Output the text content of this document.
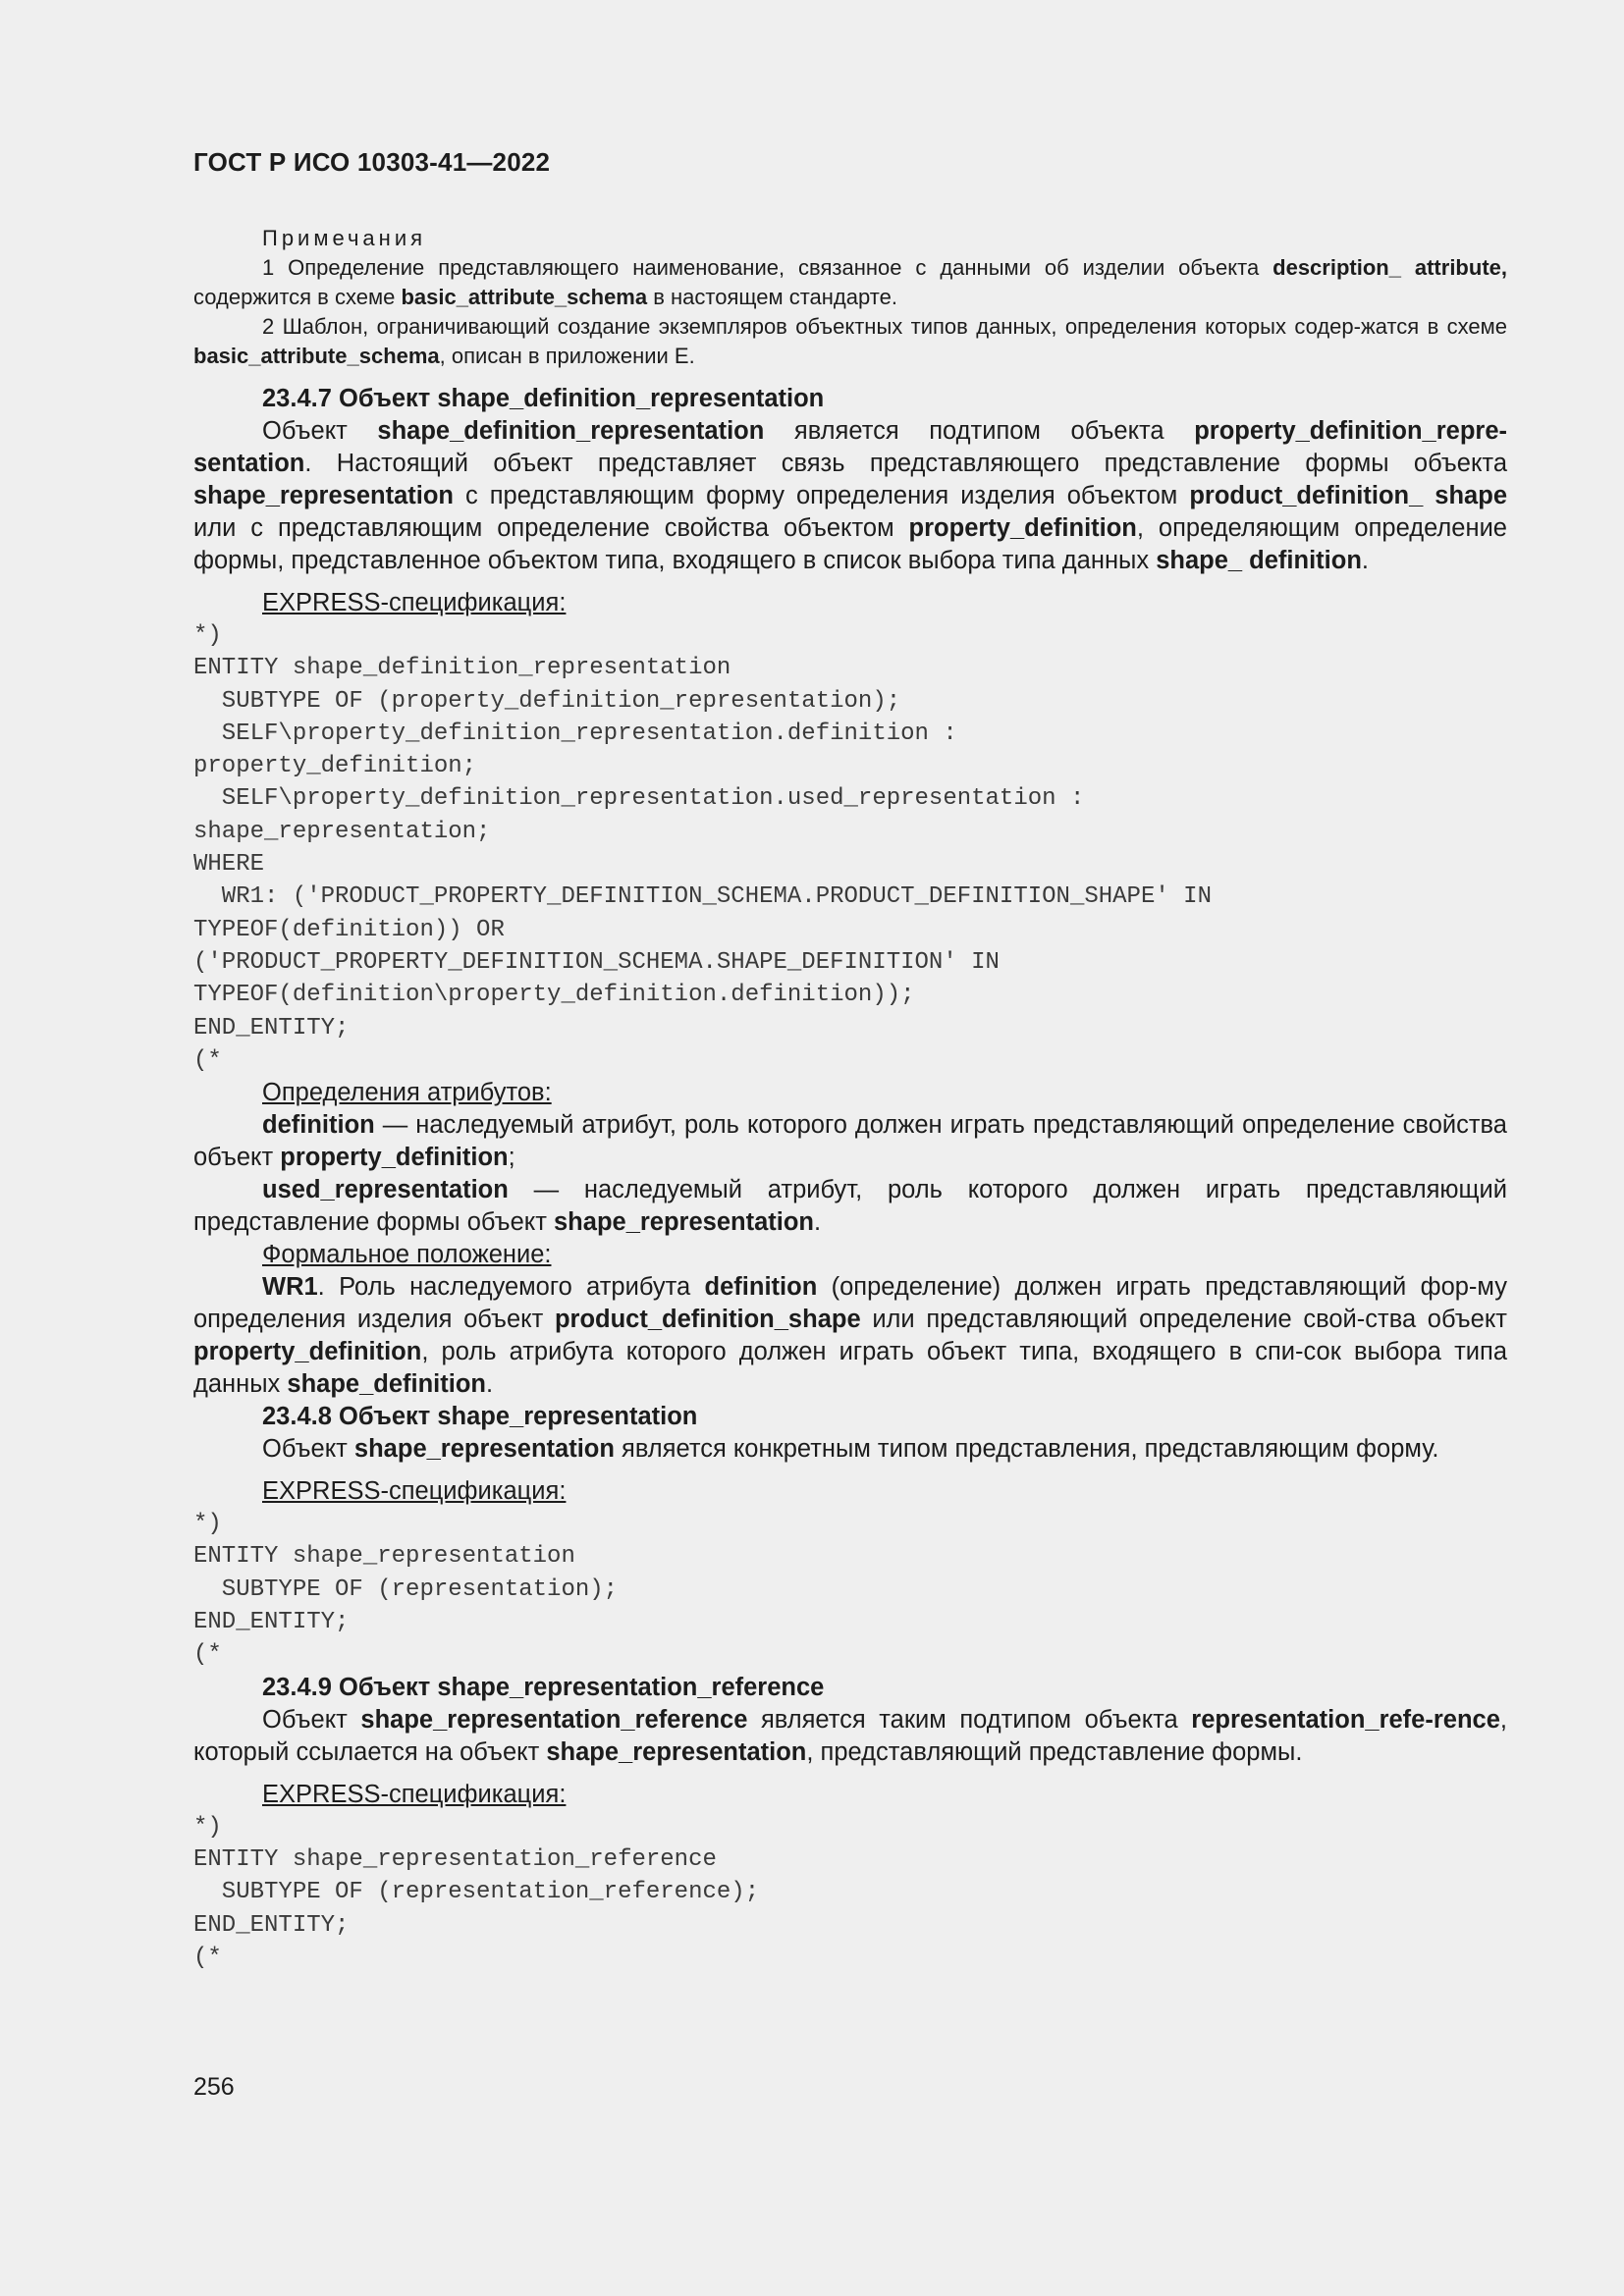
ГОСТ Р ИСО 10303-41—2022

Примечания

1 Определение представляющего наименование, связанное с данными об изделии объекта description_ attribute, содержится в схеме basic_attribute_schema в настоящем стандарте.

2 Шаблон, ограничивающий создание экземпляров объектных типов данных, определения которых содер-жатся в схеме basic_attribute_schema, описан в приложении Е.

23.4.7 Объект shape_definition_representation

Объект shape_definition_representation является подтипом объекта property_definition_repre-sentation. Настоящий объект представляет связь представляющего представление формы объекта shape_representation с представляющим форму определения изделия объектом product_definition_ shape или с представляющим определение свойства объектом property_definition, определяющим определение формы, представленное объектом типа, входящего в список выбора типа данных shape_ definition.

EXPRESS-спецификация:

*)
ENTITY shape_definition_representation
SUBTYPE OF (property_definition_representation);
SELF\property_definition_representation.definition :
property_definition;
SELF\property_definition_representation.used_representation :
shape_representation;
WHERE
WR1: ('PRODUCT_PROPERTY_DEFINITION_SCHEMA.PRODUCT_DEFINITION_SHAPE' IN
TYPEOF(definition)) OR
('PRODUCT_PROPERTY_DEFINITION_SCHEMA.SHAPE_DEFINITION' IN
TYPEOF(definition\property_definition.definition));
END_ENTITY;
(*

Определения атрибутов:

definition — наследуемый атрибут, роль которого должен играть представляющий определение свойства объект property_definition;

used_representation — наследуемый атрибут, роль которого должен играть представляющий представление формы объект shape_representation.

Формальное положение:

WR1. Роль наследуемого атрибута definition (определение) должен играть представляющий фор-му определения изделия объект product_definition_shape или представляющий определение свой-ства объект property_definition, роль атрибута которого должен играть объект типа, входящего в спи-сок выбора типа данных shape_definition.

23.4.8 Объект shape_representation

Объект shape_representation является конкретным типом представления, представляющим форму.

EXPRESS-спецификация:

*)
ENTITY shape_representation
SUBTYPE OF (representation);
END_ENTITY;
(*

23.4.9 Объект shape_representation_reference

Объект shape_representation_reference является таким подтипом объекта representation_refe-rence, который ссылается на объект shape_representation, представляющий представление формы.

EXPRESS-спецификация:

*)
ENTITY shape_representation_reference
SUBTYPE OF (representation_reference);
END_ENTITY;
(*
256
